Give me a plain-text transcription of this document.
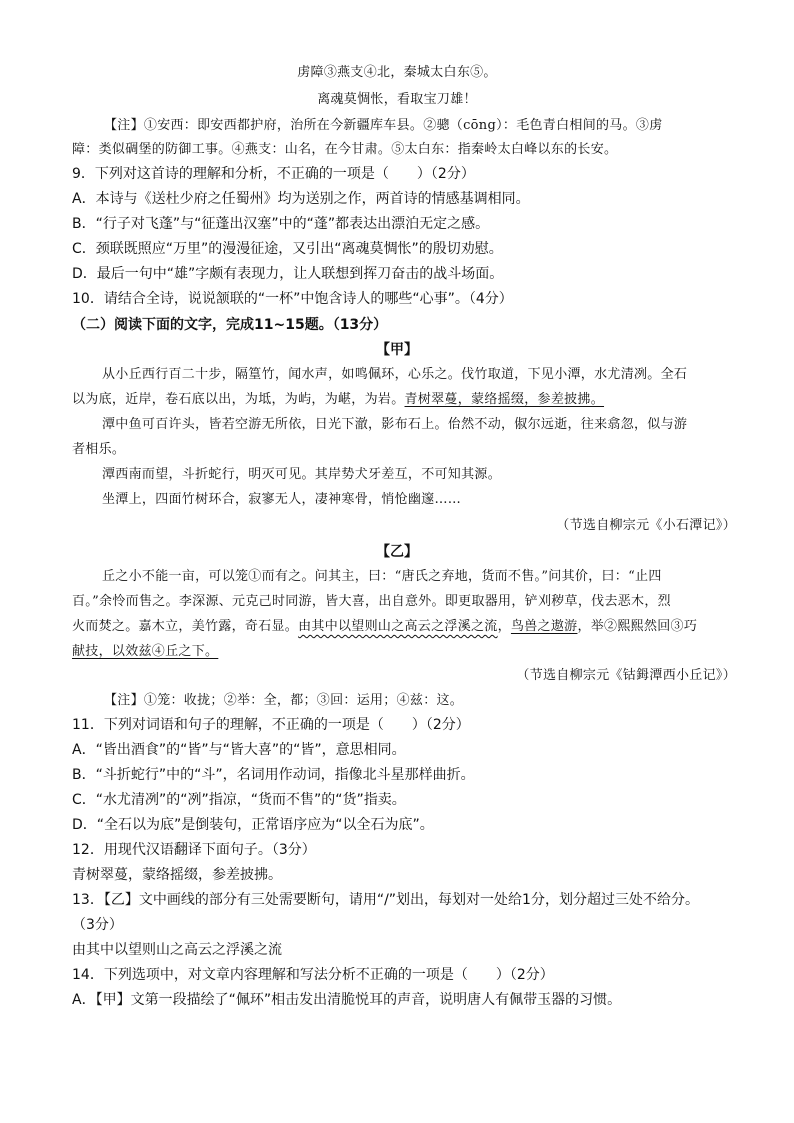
虏障③燕支④北，秦城太白东⑤。
离魂莫惆怅，看取宝刀雄！
【注】①安西：即安西都护府，治所在今新疆库车县。②骢（cōng）：毛色青白相间的马。③虏
障：类似碉堡的防御工事。④燕支：山名，在今甘肃。⑤太白东：指秦岭太白峰以东的长安。
9．下列对这首诗的理解和分析，不正确的一项是（　　）（2分）
A．本诗与《送杜少府之任蜀州》均为送别之作，两首诗的情感基调相同。
B．“行子对飞蓬”与“征蓬出汉塞”中的“蓬”都表达出漂泊无定之感。
C．颈联既照应“万里”的漫漫征途，又引出“离魂莫惆怅”的殷切劝慰。
D．最后一句中“雄”字颇有表现力，让人联想到挥刀奋击的战斗场面。
10．请结合全诗，说说颔联的“一杯”中饱含诗人的哪些“心事”。（4分）
（二）阅读下面的文字，完成11~15题。（13分）
【甲】
从小丘西行百二十步，隔篁竹，闻水声，如鸣佩环，心乐之。伐竹取道，下见小潭，水尤清冽。全石
以为底，近岸，卷石底以出，为坻，为屿，为嵁，为岩。青树翠蔓，蒙络摇缀，参差披拂。
潭中鱼可百许头，皆若空游无所依，日光下澈，影布石上。佁然不动，俶尔远逝，往来翕忽，似与游
者相乐。
潭西南而望，斗折蛇行，明灭可见。其岸势犬牙差互，不可知其源。
坐潭上，四面竹树环合，寂寥无人，凄神寒骨，悄怆幽邃……
（节选自柳宗元《小石潭记》）
【乙】
丘之小不能一亩，可以笼①而有之。问其主，曰：“唐氏之弃地，货而不售。”问其价，曰：“止四
百。”余怜而售之。李深源、元克己时同游，皆大喜，出自意外。即更取器用，铲刈秽草，伐去恶木，烈
火而焚之。嘉木立，美竹露，奇石显。由其中以望则山之高云之浮溪之流，鸟兽之遨游，举②熙熙然回③巧
献技，以效兹④丘之下。
（节选自柳宗元《钴鉧潭西小丘记》）
【注】①笼：收拢；②举：全，都；③回：运用；④兹：这。
11．下列对词语和句子的理解，不正确的一项是（　　）（2分）
A．“皆出酒食”的“皆”与“皆大喜”的“皆”，意思相同。
B．“斗折蛇行”中的“斗”，名词用作动词，指像北斗星那样曲折。
C．“水尤清冽”的“冽”指凉，“货而不售”的“货”指卖。
D．“全石以为底”是倒装句，正常语序应为“以全石为底”。
12．用现代汉语翻译下面句子。（3分）
青树翠蔓，蒙络摇缀，参差披拂。
13．【乙】文中画线的部分有三处需要断句，请用“/”划出，每划对一处给1分，划分超过三处不给分。
（3分）
由其中以望则山之高云之浮溪之流
14．下列选项中，对文章内容理解和写法分析不正确的一项是（　　）（2分）
A．【甲】文第一段描绘了“佩环”相击发出清脆悦耳的声音，说明唐人有佩带玉器的习惯。
